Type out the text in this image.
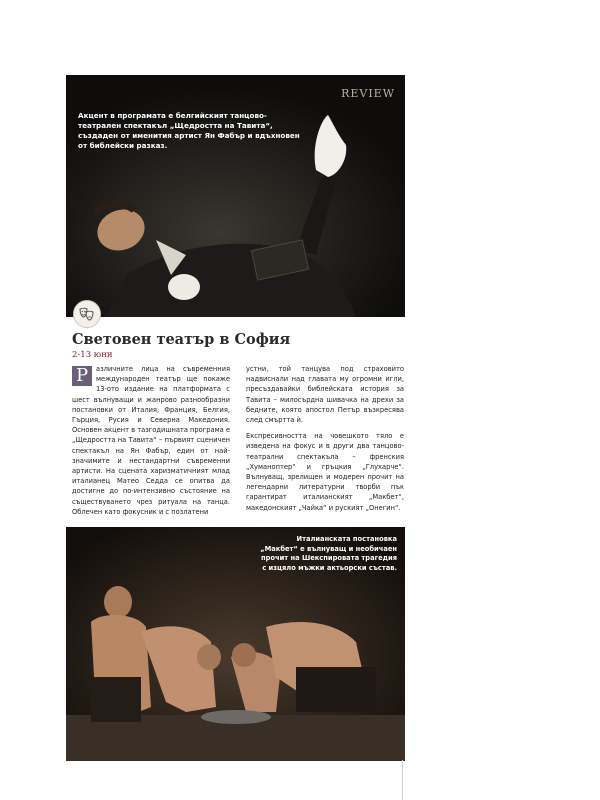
REVIEW
Акцент в програмата е белгийският танцово-театрален спектакъл „Щедростта на Тавита“, създаден от именития артист Ян Фабър и вдъхновен от библейски разказ.
Световен театър в София
2-13 юни
Р	азличните лица на съвременния международен театър ще покаже 13-ото издание на платформата с шест вълнуващи и жанрово разнообразни постановки от Италия, Франция, Белгия, Гърция, Русия и Северна Македония. Основен акцент в тазгодишната програма е „Щедростта на Тавита“ – първият сценичен спектакъл на Ян Фабър, един от най-значимите и нестандартни съвременни артисти. На сцената харизматичният млад италианец Матео Седда се опитва да достигне до по-интензивно състояние на съществуването чрез ритуала на танца. Облечен като фокусник и с позлатени

устни, той танцува под страховито надвиснали над главата му огромни игли, пресъздавайки библейската история за Тавита – милосърдна шивачка на дрехи за бедните, която апостол Петър възкресява след смъртта ѝ.

Експресивността на човешкото тяло е изведена на фокус и в други два танцово-театрални спектакъла – френския „Хуманоптер“ и гръцкия „Глухарче“. Вълнуващ, зрелищен и модерен прочит на легендарни литературни творби пък гарантират италианският „Макбет“, македонският „Чайка“ и руският „Онегин“.

Италианската постановка „Макбет“ е вълнуващ и необичаен прочит на Шекспировата трагедия с изцяло мъжки актьорски състав.
